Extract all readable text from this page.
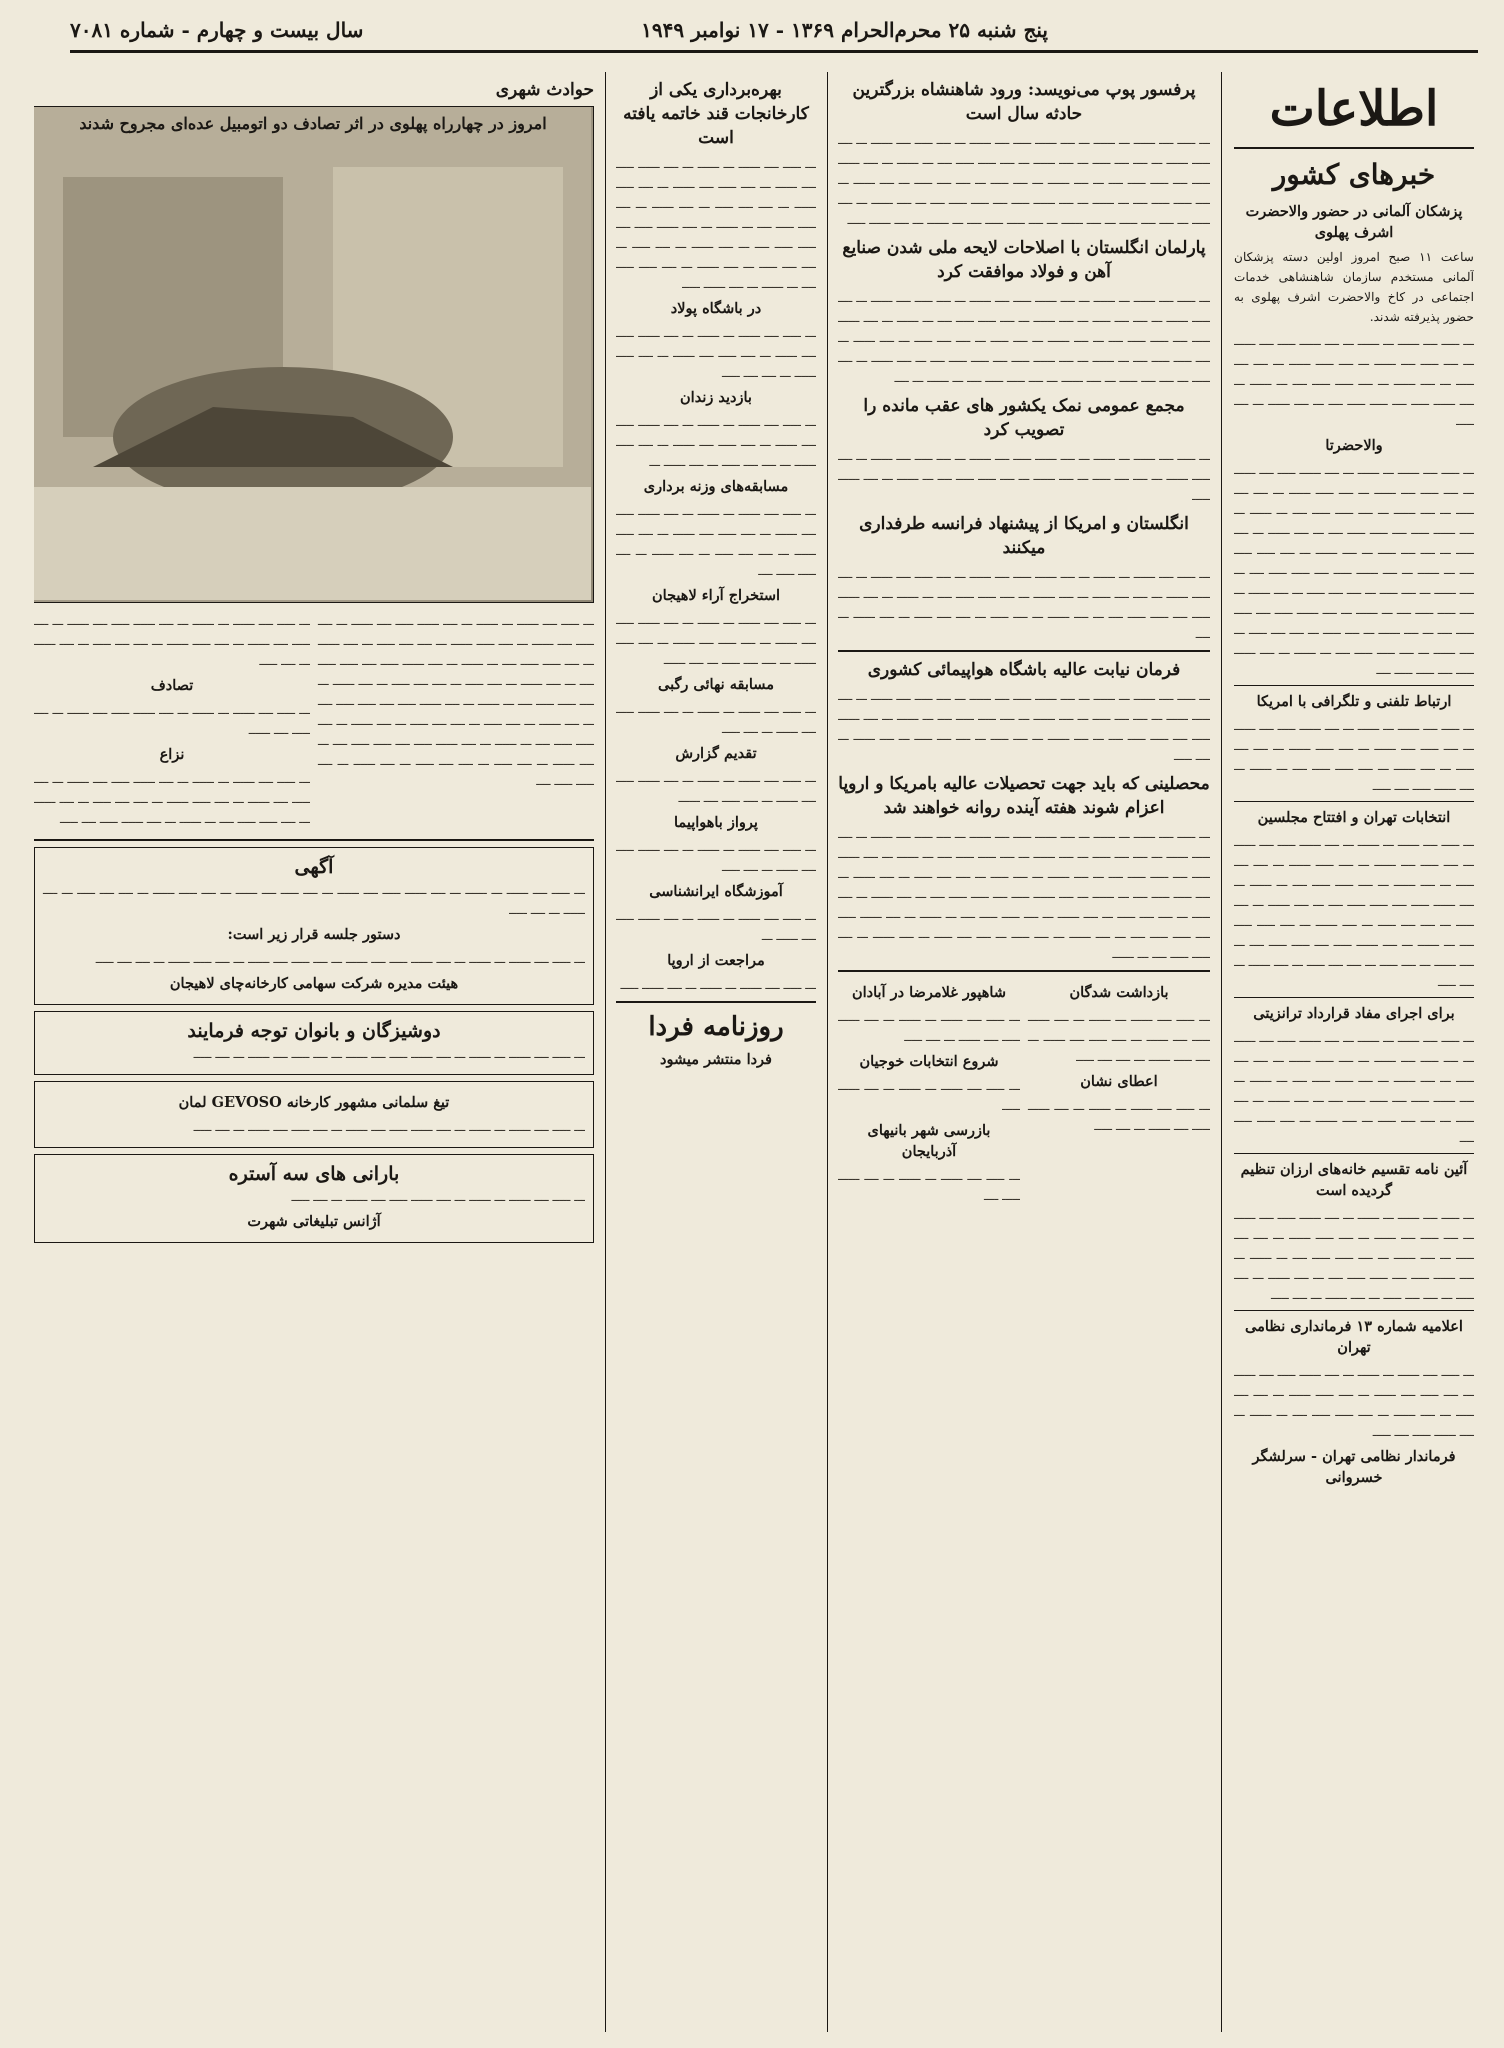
پنج شنبه ۲۵ محرم‌الحرام ۱۳۶۹ - ۱۷ نوامبر ۱۹۴۹
سال بیست و چهارم - شماره ۷۰۸۱
اطلاعات
خبرهای کشور
پزشکان آلمانی در حضور والاحضرت اشرف پهلوی

ساعت ۱۱ صبح امروز اولین دسته پزشکان آلمانی مستخدم سازمان شاهنشاهی خدمات اجتماعی در کاخ والاحضرت اشرف پهلوی به حضور پذیرفته شدند.

ـــ ـــــ ــــ ــــــ ـــ ــــــ ـــ ــــ ــــــ ـــــ ــــ ــــــ ـــ ــــ ـــــ ــــ ــــــ ـــ ــــ ـــــ ــــــ ـــ ــــ ــــ ـــــ ـــ ــــ ــــــ ـــ ــــ ـــــ ـــــ ــــ ـــ ــــــ ـــ ــــ ــــــ ـــــ ــــ ـــــ ـــــ ــــ ـــ ــــ ــــــ ـــ ــــ ـــــ

والاحضرتا

ـــ ـــــ ــــ ــــــ ـــ ــــــ ـــ ــــ ــــــ ـــــ ــــ ــــــ ـــ ــــ ـــــ ــــ ــــــ ـــ ــــ ـــــ ــــــ ـــ ــــ ــــ ـــــ ـــ ــــ ــــــ ـــ ــــ ـــــ ـــــ ــــ ـــ ــــــ ـــ ــــ ــــــ ـــــ ــــ ـــــ ـــــ ــــ ـــ ــــ ــــــ ـــ ــــ ـــــ ـــ ــــ ــــ ـــــ ـــ ــــ ــــــ ـــ ــــ ـــــ ـــــ ــــ ـــ ــــــ ـــ ــــ ــــــ ـــــ ــــ ـــــ ـــــ ــــ ـــ ــــ ــــــ ـــ ــــ ـــــ ـــ ــــ ــــ ـــــ ـــ ــــ ــــــ ـــ ــــ ـــــ ـــــ ــــ ـــ ــــــ ـــ ــــ ــــــ ـــــ ــــ ـــــ ـــــ ــــ ـــ ــــ ــــــ ـــ ــــ ـــــ ـــ ــــ ــــ ـــــ ـــ ــــ ــــــ ـــ ــــ ـــــ ـــــ ــــ ـــ ــــــ ـــ ــــ ــــــ ـــــ ــــ ـــــ ـــــ ــــ

ارتباط تلفنی و تلگرافی با امریکا

ـــ ـــــ ــــ ــــــ ـــ ــــــ ـــ ــــ ــــــ ـــــ ــــ ــــــ ـــ ــــ ـــــ ــــ ــــــ ـــ ــــ ـــــ ــــــ ـــ ــــ ــــ ـــــ ـــ ــــ ــــــ ـــ ــــ ـــــ ـــــ ــــ ـــ ــــــ ـــ ــــ ــــــ ـــــ ــــ ـــــ

انتخابات تهران و افتتاح مجلسین

ـــ ـــــ ــــ ــــــ ـــ ــــــ ـــ ــــ ــــــ ـــــ ــــ ــــــ ـــ ــــ ـــــ ــــ ــــــ ـــ ــــ ـــــ ــــــ ـــ ــــ ــــ ـــــ ـــ ــــ ــــــ ـــ ــــ ـــــ ـــــ ــــ ـــ ــــــ ـــ ــــ ــــــ ـــــ ــــ ـــــ ـــــ ــــ ـــ ــــ ــــــ ـــ ــــ ـــــ ـــ ــــ ــــ ـــــ ـــ ــــ ــــــ ـــ ــــ ـــــ ـــــ ــــ ـــ ــــــ ـــ ــــ ــــــ ـــــ ــــ ـــــ ـــــ ــــ ـــ ــــ ــــــ ـــ ــــ ـــــ ـــ ــــ ــــ ـــــ ـــ ــــ ــــــ ـــ ــــ ـــــ

برای اجرای مفاد قرارداد ترانزیتی

ـــ ـــــ ــــ ــــــ ـــ ــــــ ـــ ــــ ــــــ ـــــ ــــ ــــــ ـــ ــــ ـــــ ــــ ــــــ ـــ ــــ ـــــ ــــــ ـــ ــــ ــــ ـــــ ـــ ــــ ــــــ ـــ ــــ ـــــ ـــــ ــــ ـــ ــــــ ـــ ــــ ــــــ ـــــ ــــ ـــــ ـــــ ــــ ـــ ــــ ــــــ ـــ ــــ ـــــ ـــ ــــ ــــ ـــــ ـــ ــــ ــــــ ـــ ــــ ـــــ ـــــ ــــ

آئین نامه تقسیم خانه‌های ارزان تنظیم گردیده است

ـــ ـــــ ــــ ــــــ ـــ ــــــ ـــ ــــ ــــــ ـــــ ــــ ــــــ ـــ ــــ ـــــ ــــ ــــــ ـــ ــــ ـــــ ــــــ ـــ ــــ ــــ ـــــ ـــ ــــ ــــــ ـــ ــــ ـــــ ـــــ ــــ ـــ ــــــ ـــ ــــ ــــــ ـــــ ــــ ـــــ ـــــ ــــ ـــ ــــ ــــــ ـــ ــــ ـــــ ـــ ــــ ــــ ـــــ ـــ ــــ ــــــ ـــ ــــ ـــــ

اعلامیه شماره ۱۳ فرمانداری نظامی تهران

ـــ ـــــ ــــ ــــــ ـــ ــــــ ـــ ــــ ــــــ ـــــ ــــ ــــــ ـــ ــــ ـــــ ــــ ــــــ ـــ ــــ ـــــ ــــــ ـــ ــــ ــــ ـــــ ـــ ــــ ــــــ ـــ ــــ ـــــ ـــــ ــــ ـــ ــــــ ـــ ــــ ــــــ ـــــ ــــ ـــــ

فرماندار نظامی تهران - سرلشگر خسروانی
پرفسور پوپ می‌نویسد: ورود شاهنشاه بزرگترین حادثه سال است

ـــ ـــــ ــــ ــــــ ـــ ــــــ ـــ ــــ ــــــ ـــــ ــــ ــــــ ـــ ــــ ـــــ ــــ ــــــ ـــ ــــ ـــــ ــــــ ـــ ــــ ــــ ـــــ ـــ ــــ ــــــ ـــ ــــ ـــــ ـــــ ــــ ـــ ــــــ ـــ ــــ ــــــ ـــــ ــــ ـــــ ـــــ ــــ ـــ ــــ ــــــ ـــ ــــ ـــــ ـــ ــــ ــــ ـــــ ـــ ــــ ــــــ ـــ ــــ ـــــ ـــــ ــــ ـــ ــــــ ـــ ــــ ــــــ ـــــ ــــ ـــــ ـــــ ــــ ـــ ــــ ــــــ ـــ ــــ ـــــ ـــ ــــ ــــ ـــــ ـــ ــــ ــــــ ـــ ــــ ـــــ ـــــ ــــ ـــ ــــــ ـــ ــــ ــــــ ـــــ

پارلمان انگلستان با اصلاحات لایحه ملی شدن صنایع آهن و فولاد موافقت کرد

ـــ ـــــ ــــ ــــــ ـــ ــــــ ـــ ــــ ــــــ ـــــ ــــ ــــــ ـــ ــــ ـــــ ــــ ــــــ ـــ ــــ ـــــ ــــــ ـــ ــــ ــــ ـــــ ـــ ــــ ــــــ ـــ ــــ ـــــ ـــــ ــــ ـــ ــــــ ـــ ــــ ــــــ ـــــ ــــ ـــــ ـــــ ــــ ـــ ــــ ــــــ ـــ ــــ ـــــ ـــ ــــ ــــ ـــــ ـــ ــــ ــــــ ـــ ــــ ـــــ ـــــ ــــ ـــ ــــــ ـــ ــــ ــــــ ـــــ ــــ ـــــ ـــــ ــــ ـــ ــــ ــــــ ـــ ــــ ـــــ ـــ ــــ ــــ ـــــ ـــ ــــ ــــــ ـــ ــــ ـــــ ـــــ ــــ ـــ ــــــ ـــ ــــ

مجمع عمومی نمک یکشور های عقب مانده را تصویب کرد

ـــ ـــــ ــــ ــــــ ـــ ــــــ ـــ ــــ ــــــ ـــــ ــــ ــــــ ـــ ــــ ـــــ ــــ ــــــ ـــ ــــ ـــــ ــــــ ـــ ــــ ــــ ـــــ ـــ ــــ ــــــ ـــ ــــ ـــــ ـــــ ــــ ـــ ــــــ ـــ ــــ ــــــ ـــــ

انگلستان و امریکا از پیشنهاد فرانسه طرفداری میکنند

ـــ ـــــ ــــ ــــــ ـــ ــــــ ـــ ــــ ــــــ ـــــ ــــ ــــــ ـــ ــــ ـــــ ــــ ــــــ ـــ ــــ ـــــ ــــــ ـــ ــــ ــــ ـــــ ـــ ــــ ــــــ ـــ ــــ ـــــ ـــــ ــــ ـــ ــــــ ـــ ــــ ــــــ ـــــ ــــ ـــــ ـــــ ــــ ـــ ــــ ــــــ ـــ ــــ ـــــ ـــ ــــ ــــ ـــــ ـــ ــــ ــــــ ـــ ــــ

فرمان نیابت عالیه باشگاه هواپیمائی کشوری

ـــ ـــــ ــــ ــــــ ـــ ــــــ ـــ ــــ ــــــ ـــــ ــــ ــــــ ـــ ــــ ـــــ ــــ ــــــ ـــ ــــ ـــــ ــــــ ـــ ــــ ــــ ـــــ ـــ ــــ ــــــ ـــ ــــ ـــــ ـــــ ــــ ـــ ــــــ ـــ ــــ ــــــ ـــــ ــــ ـــــ ـــــ ــــ ـــ ــــ ــــــ ـــ ــــ ـــــ ـــ ــــ ــــ ـــــ ـــ ــــ ــــــ ـــ ــــ ـــــ

محصلینی که باید جهت تحصیلات عالیه بامریکا و اروپا اعزام شوند هفته آینده روانه خواهند شد

ـــ ـــــ ــــ ــــــ ـــ ــــــ ـــ ــــ ــــــ ـــــ ــــ ــــــ ـــ ــــ ـــــ ــــ ــــــ ـــ ــــ ـــــ ــــــ ـــ ــــ ــــ ـــــ ـــ ــــ ــــــ ـــ ــــ ـــــ ـــــ ــــ ـــ ــــــ ـــ ــــ ــــــ ـــــ ــــ ـــــ ـــــ ــــ ـــ ــــ ــــــ ـــ ــــ ـــــ ـــ ــــ ــــ ـــــ ـــ ــــ ــــــ ـــ ــــ ـــــ ـــــ ــــ ـــ ــــــ ـــ ــــ ــــــ ـــــ ــــ ـــــ ـــــ ــــ ـــ ــــ ــــــ ـــ ــــ ـــــ ـــ ــــ ــــ ـــــ ـــ ــــ ــــــ ـــ ــــ ـــــ ـــــ ــــ ـــ ــــــ ـــ ــــ ــــــ ـــــ ــــ ـــــ ـــــ ــــ ـــ ــــ ــــــ ـــ ــــ ـــــ ـــ ــــ ــــ ـــــ ـــ ــــ ــــــ ـــ ــــ ـــــ ـــــ ــــ ـــ ــــــ

بازداشت شدگان

ـــ ـــــ ــــ ــــــ ـــ ــــــ ـــ ــــ ــــــ ـــــ ــــ ــــــ ـــ ــــ ـــــ ــــ ــــــ ـــ ــــ ـــــ ــــــ ـــ ــــ ــــ ـــــ

اعطای نشان

ـــ ـــــ ــــ ــــــ ـــ ــــــ ـــ ــــ ــــــ ـــــ ــــ ــــــ ـــ ــــ ـــــ

شاهپور غلامرضا در آبادان

ـــ ـــــ ــــ ــــــ ـــ ــــــ ـــ ــــ ــــــ ـــــ ــــ ــــــ ـــ ــــ ـــــ

شروع انتخابات خوجیان

ـــ ـــــ ــــ ــــــ ـــ ــــــ ـــ ــــ ــــــ ـــــ

بازرسی شهر بانیهای آذربایجان

ـــ ـــــ ــــ ــــــ ـــ ــــــ ـــ ــــ ــــــ ـــــ ــــ

بهره‌برداری یکی از کارخانجات قند خاتمه یافته است

ـــ ـــــ ــــ ــــــ ـــ ــــــ ـــ ــــ ــــــ ـــــ ــــ ــــــ ـــ ــــ ـــــ ــــ ــــــ ـــ ــــ ـــــ ــــــ ـــ ــــ ــــ ـــــ ـــ ــــ ــــــ ـــ ــــ ـــــ ـــــ ــــ ـــ ــــــ ـــ ــــ ــــــ ـــــ ــــ ـــــ ـــــ ــــ ـــ ــــ ــــــ ـــ ــــ ـــــ ـــ ــــ ــــ ـــــ ـــ ــــ ــــــ ـــ ــــ ـــــ ـــــ ــــ ـــ ــــــ ـــ ــــ ــــــ ـــــ

در باشگاه پولاد

ـــ ـــــ ــــ ــــــ ـــ ــــــ ـــ ــــ ــــــ ـــــ ــــ ــــــ ـــ ــــ ـــــ ــــ ــــــ ـــ ــــ ـــــ ــــــ ـــ ــــ ــــ ـــــ

بازدید زندان

ـــ ـــــ ــــ ــــــ ـــ ــــــ ـــ ــــ ــــــ ـــــ ــــ ــــــ ـــ ــــ ـــــ ــــ ــــــ ـــ ــــ ـــــ ــــــ ـــ ــــ ــــ ـــــ ـــ ــــ ــــــ ـــ

مسابقه‌های وزنه برداری

ـــ ـــــ ــــ ــــــ ـــ ــــــ ـــ ــــ ــــــ ـــــ ــــ ــــــ ـــ ــــ ـــــ ــــ ــــــ ـــ ــــ ـــــ ــــــ ـــ ــــ ــــ ـــــ ـــ ــــ ــــــ ـــ ــــ ـــــ ـــــ ــــ

استخراج آراء لاهیجان

ـــ ـــــ ــــ ــــــ ـــ ــــــ ـــ ــــ ــــــ ـــــ ــــ ــــــ ـــ ــــ ـــــ ــــ ــــــ ـــ ــــ ـــــ ــــــ ـــ ــــ ــــ ـــــ ـــ ــــ ــــــ

مسابقه نهائی رگبی

ـــ ـــــ ــــ ــــــ ـــ ــــــ ـــ ــــ ــــــ ـــــ ــــ ــــــ ـــ ــــ ـــــ

تقدیم گزارش

ـــ ـــــ ــــ ــــــ ـــ ــــــ ـــ ــــ ــــــ ـــــ ــــ ــــــ ـــ ــــ ـــــ ــــ ــــــ

پرواز باهواپیما

ـــ ـــــ ــــ ــــــ ـــ ــــــ ـــ ــــ ــــــ ـــــ ــــ ــــــ ـــ ــــ ـــــ

آموزشگاه ایرانشناسی

ـــ ـــــ ــــ ــــــ ـــ ــــــ ـــ ــــ ــــــ ـــــ ــــ ــــــ ـــ

مراجعت از اروپا

ـــ ـــــ ــــ ــــــ ـــ ــــــ ـــ ــــ ــــــ ـــــ

روزنامه فردا
فردا منتشر میشود
حوادث شهری
امروز در چهارراه پهلوی در اثر تصادف دو اتومبیل عده‌ای مجروح شدند

ـــ ـــــ ــــ ــــــ ـــ ــــــ ـــ ــــ ــــــ ـــــ ــــ ــــــ ـــ ــــ ـــــ ــــ ــــــ ـــ ــــ ـــــ ــــــ ـــ ــــ ــــ ـــــ ـــ ــــ ــــــ ـــ ــــ ـــــ ـــــ ــــ ـــ ــــــ ـــ ــــ ــــــ ـــــ ــــ ـــــ ـــــ ــــ ـــ ــــ ــــــ ـــ ــــ ـــــ ـــ ــــ ــــ ـــــ ـــ ــــ ــــــ ـــ ــــ ـــــ ـــــ ــــ ـــ ــــــ ـــ ــــ ــــــ ـــــ ــــ ـــــ ـــــ ــــ ـــ ــــ ــــــ ـــ ــــ ـــــ ـــ ــــ ــــ ـــــ ـــ ــــ ــــــ ـــ ــــ ـــــ ـــــ ــــ ـــ ــــــ ـــ ــــ ــــــ ـــــ ــــ ـــــ ـــــ ــــ ـــ ــــ ــــــ ـــ ــــ ـــــ ـــ ــــ ــــ ـــــ ـــ ــــ ــــــ ـــ ــــ ـــــ ـــــ ــــ

ـــ ـــــ ــــ ــــــ ـــ ــــــ ـــ ــــ ــــــ ـــــ ــــ ــــــ ـــ ــــ ـــــ ــــ ــــــ ـــ ــــ ـــــ ــــــ ـــ ــــ ــــ ـــــ ـــ ــــ ــــــ ـــ ــــ ـــــ

تصادف

ـــ ـــــ ــــ ــــــ ـــ ــــــ ـــ ــــ ــــــ ـــــ ــــ ــــــ ـــ ــــ ـــــ ــــ ــــــ

نزاع

ـــ ـــــ ــــ ــــــ ـــ ــــــ ـــ ــــ ــــــ ـــــ ــــ ــــــ ـــ ــــ ـــــ ــــ ــــــ ـــ ــــ ـــــ ــــــ ـــ ــــ ــــ ـــــ ـــ ــــ ــــــ ـــ ــــ ـــــ ـــــ ــــ ـــ ــــــ ـــ ــــ ــــــ ـــــ ــــ ـــــ

آگهی

ـــ ـــــ ــــ ــــــ ـــ ــــــ ـــ ــــ ــــــ ـــــ ــــ ــــــ ـــ ــــ ـــــ ــــ ــــــ ـــ ــــ ـــــ ــــــ ـــ ــــ ــــ ـــــ ـــ ــــ ــــــ ـــ ــــ ـــــ

دستور جلسه قرار زیر است:

ـــ ـــــ ــــ ــــــ ـــ ــــــ ـــ ــــ ــــــ ـــــ ــــ ــــــ ـــ ــــ ـــــ ــــ ــــــ ـــ ــــ ـــــ ــــــ ـــ ــــ ــــ ـــــ

هیئت مدیره شرکت سهامی کارخانه‌چای لاهیجان
دوشیزگان و بانوان توجه فرمایند

ـــ ـــــ ــــ ــــــ ـــ ــــــ ـــ ــــ ــــــ ـــــ ــــ ــــــ ـــ ــــ ـــــ ــــ ــــــ ـــ ــــ ـــــ

تیغ سلمانی مشهور کارخانه GEVOSO لمان

ـــ ـــــ ــــ ــــــ ـــ ــــــ ـــ ــــ ــــــ ـــــ ــــ ــــــ ـــ ــــ ـــــ ــــ ــــــ ـــ ــــ ـــــ

بارانی های سه آستره

ـــ ـــــ ــــ ــــــ ـــ ــــــ ـــ ــــ ــــــ ـــــ ــــ ــــــ ـــ ــــ ـــــ

آژانس تبلیغاتی شهرت
